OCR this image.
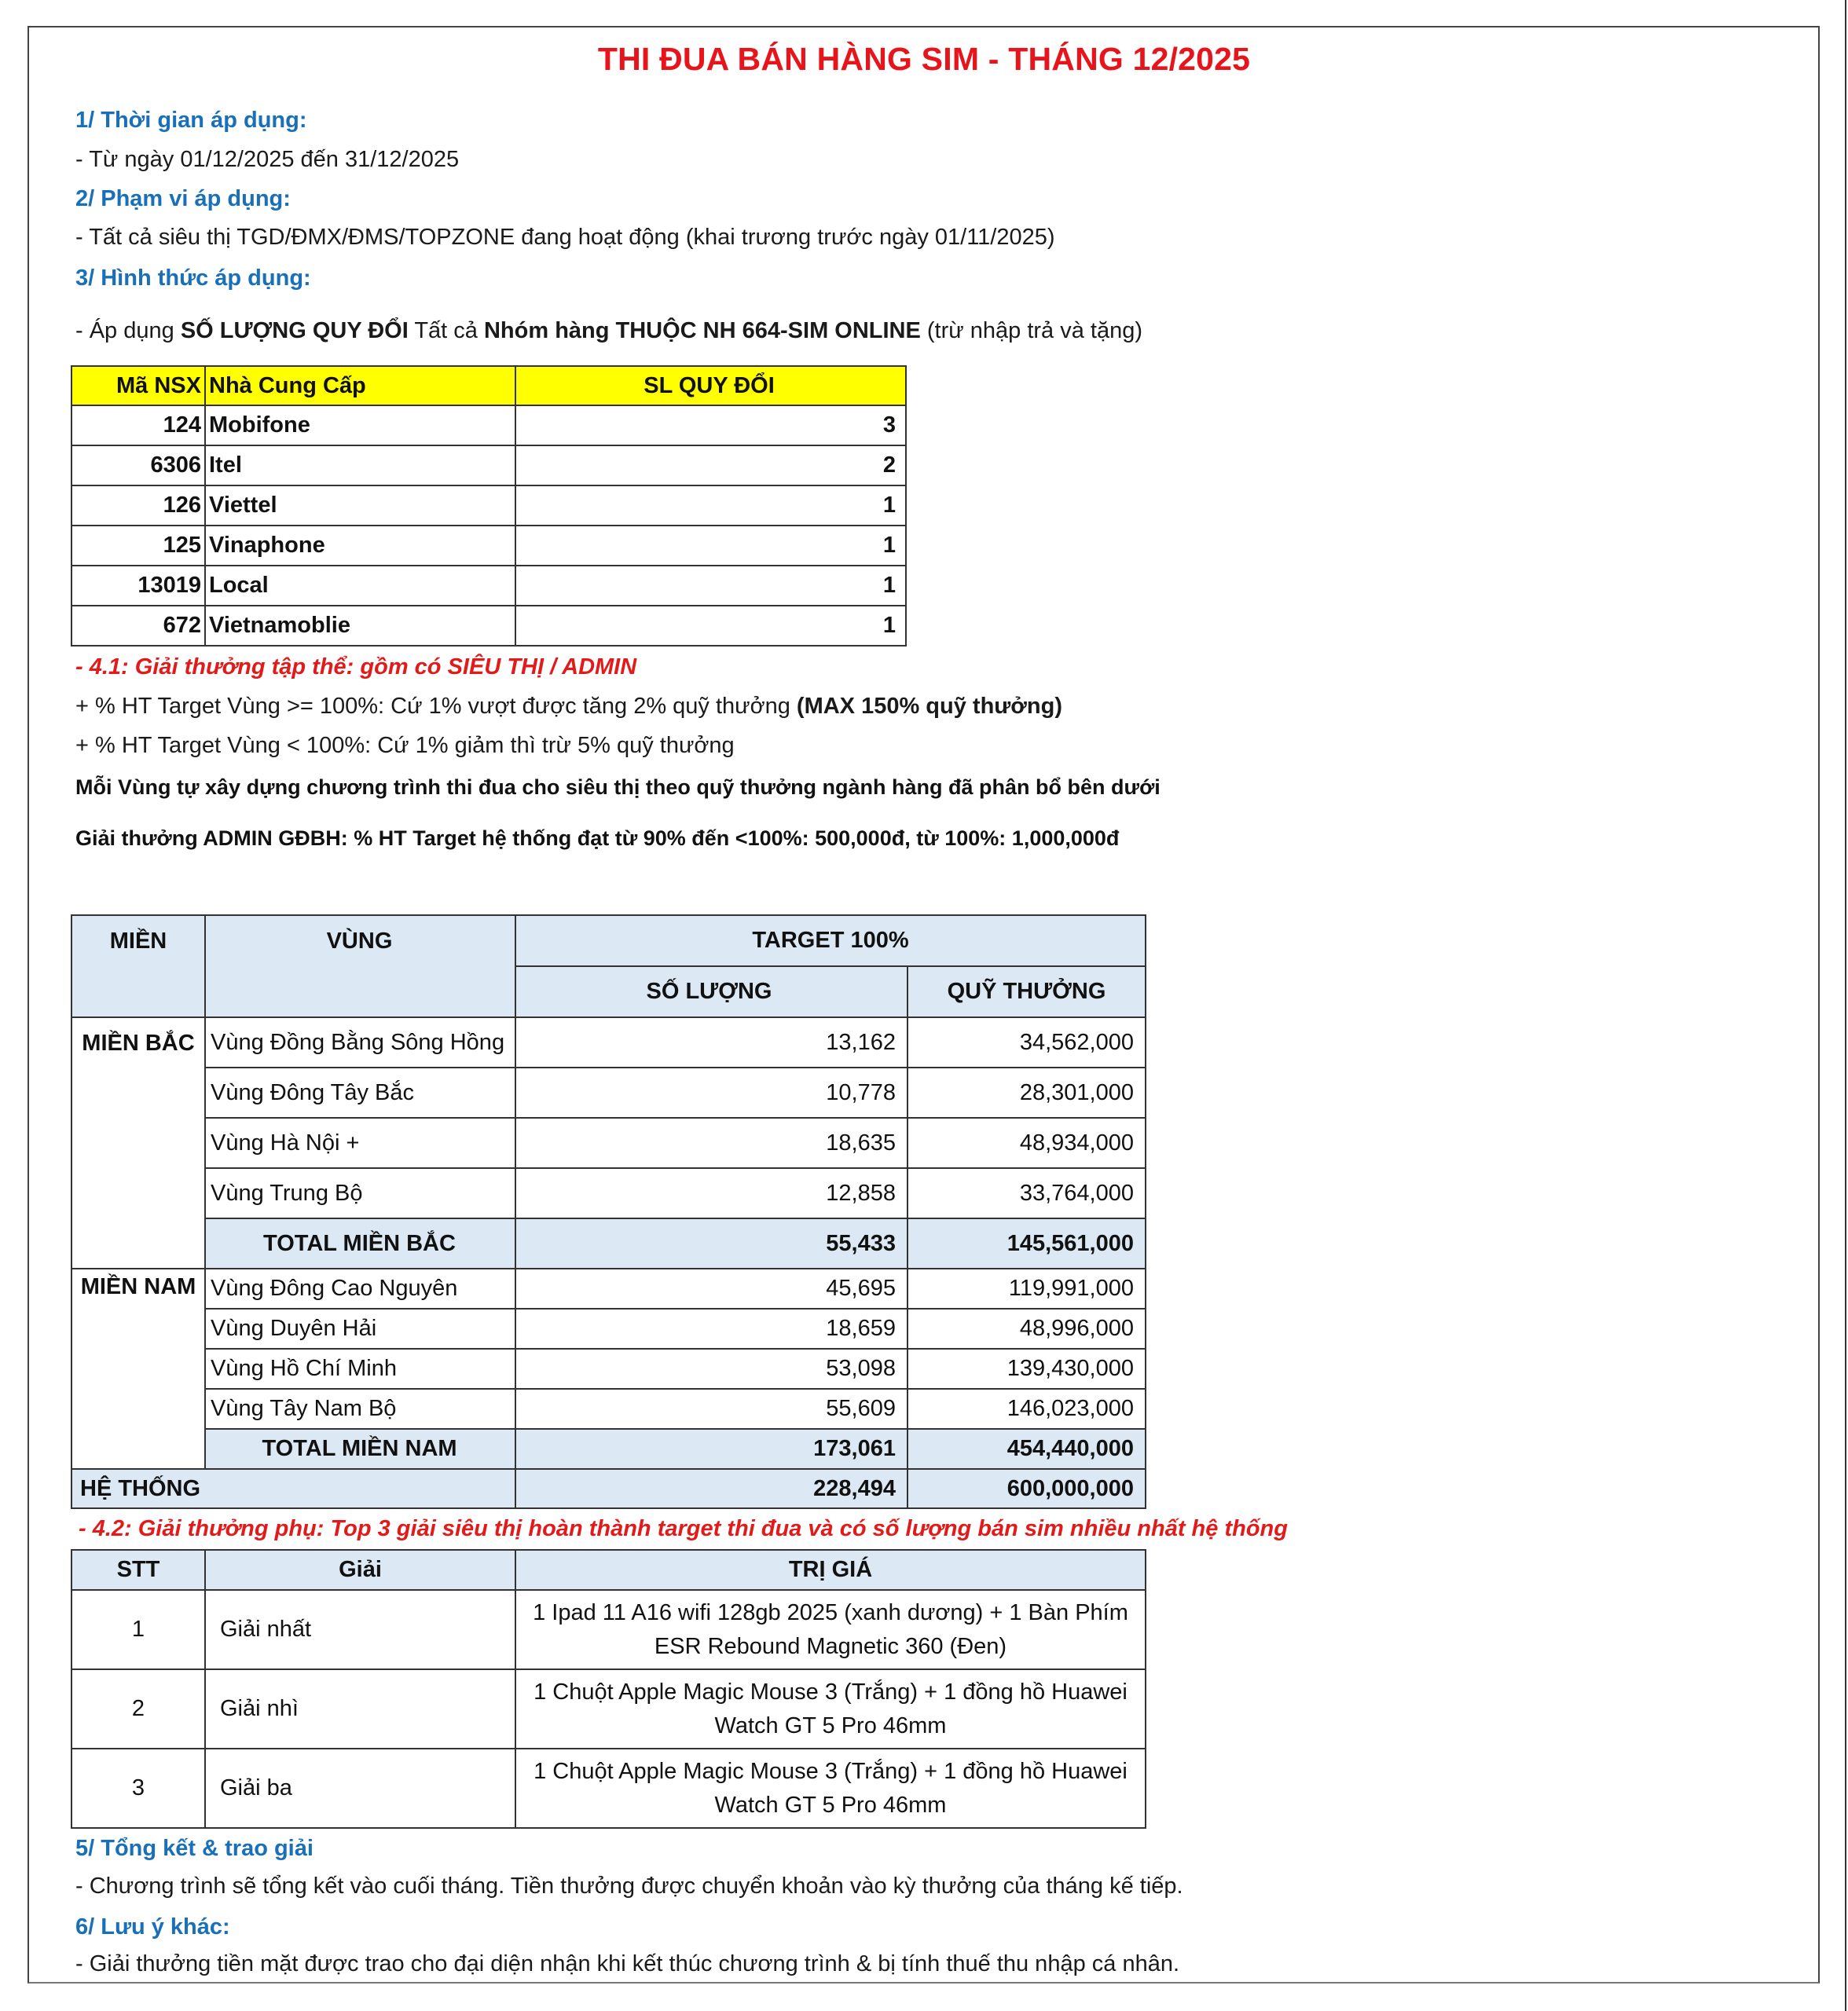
THI ĐUA BÁN HÀNG SIM - THÁNG 12/2025
1/ Thời gian áp dụng:
- Từ ngày 01/12/2025 đến 31/12/2025
2/ Phạm vi áp dụng:
- Tất cả siêu thị TGD/ĐMX/ĐMS/TOPZONE đang hoạt động (khai trương trước ngày 01/11/2025)
3/ Hình thức áp dụng:
- Áp dụng SỐ LƯỢNG QUY ĐỔI Tất cả Nhóm hàng THUỘC NH 664-SIM ONLINE (trừ nhập trả và tặng)
Mã NSX	Nhà Cung Cấp	SL QUY ĐỔI
124	Mobifone	3
6306	Itel	2
126	Viettel	1
125	Vinaphone	1
13019	Local	1
672	Vietnamoblie	1
- 4.1: Giải thưởng tập thể: gồm có SIÊU THỊ / ADMIN
+ % HT Target Vùng >= 100%: Cứ 1% vượt được tăng 2% quỹ thưởng (MAX 150% quỹ thưởng)
+ % HT Target Vùng < 100%: Cứ 1% giảm thì trừ 5% quỹ thưởng
Mỗi Vùng tự xây dựng chương trình thi đua cho siêu thị theo quỹ thưởng ngành hàng đã phân bổ bên dưới
Giải thưởng ADMIN GĐBH: % HT Target hệ thống đạt từ 90% đến <100%: 500,000đ, từ 100%: 1,000,000đ
MIỀN	VÙNG	TARGET 100%	
		SỐ LƯỢNG	QUỸ THƯỞNG
MIỀN BẮC	Vùng Đồng Bằng Sông Hồng	13,162	34,562,000
	Vùng Đông Tây Bắc	10,778	28,301,000
	Vùng Hà Nội +	18,635	48,934,000
	Vùng Trung Bộ	12,858	33,764,000
	TOTAL MIỀN BẮC	55,433	145,561,000
MIỀN NAM	Vùng Đông Cao Nguyên	45,695	119,991,000
	Vùng Duyên Hải	18,659	48,996,000
	Vùng Hồ Chí Minh	53,098	139,430,000
	Vùng Tây Nam Bộ	55,609	146,023,000
	TOTAL MIỀN NAM	173,061	454,440,000
HỆ THỐNG		228,494	600,000,000
- 4.2: Giải thưởng phụ: Top 3 giải siêu thị hoàn thành target thi đua và có số lượng bán sim nhiều nhất hệ thống
STT	Giải	TRỊ GIÁ
1	Giải nhất	1 Ipad 11 A16 wifi 128gb 2025 (xanh dương) + 1 Bàn Phím ESR Rebound Magnetic 360 (Đen)
2	Giải nhì	1 Chuột Apple Magic Mouse 3 (Trắng) + 1 đồng hồ Huawei Watch GT 5 Pro 46mm
3	Giải ba	1 Chuột Apple Magic Mouse 3 (Trắng) + 1 đồng hồ Huawei Watch GT 5 Pro 46mm
5/ Tổng kết & trao giải
- Chương trình sẽ tổng kết vào cuối tháng. Tiền thưởng được chuyển khoản vào kỳ thưởng của tháng kế tiếp.
6/ Lưu ý khác:
- Giải thưởng tiền mặt được trao cho đại diện nhận khi kết thúc chương trình & bị tính thuế thu nhập cá nhân.
